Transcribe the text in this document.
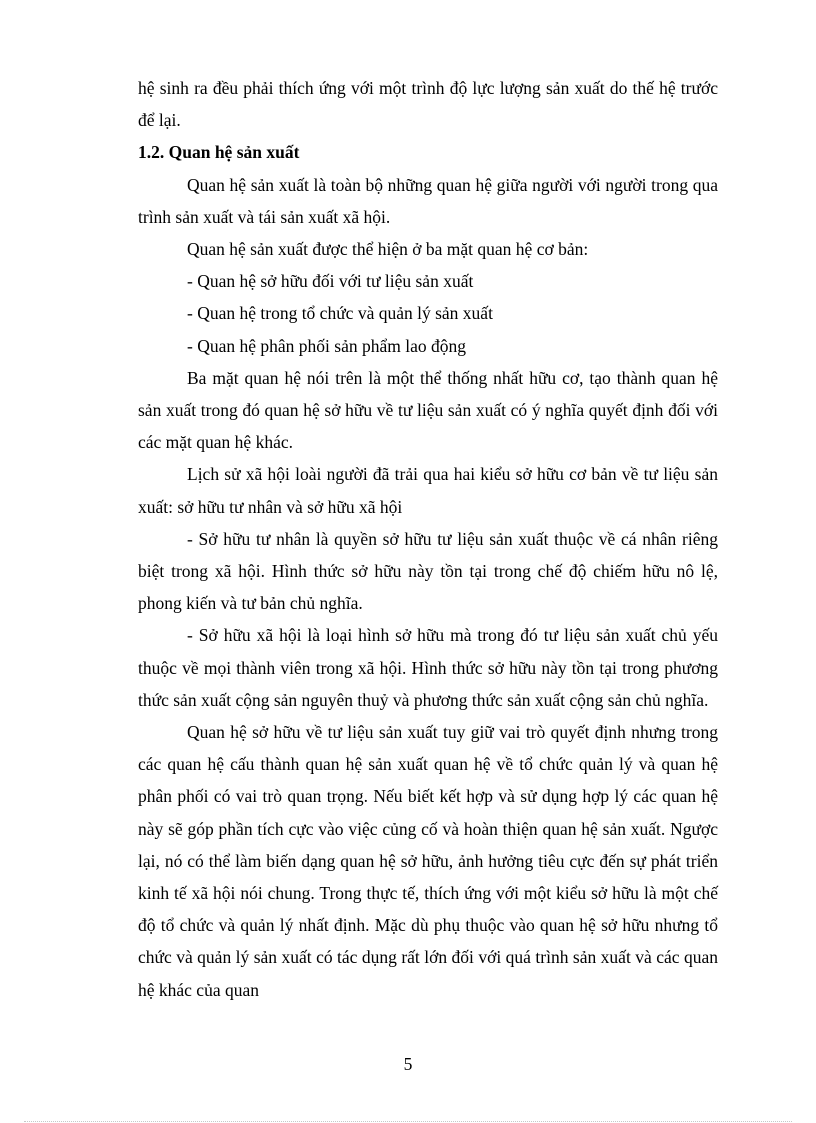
hệ sinh ra đều phải thích ứng với một trình độ lực lượng sản xuất do thế hệ trước để lại.

1.2. Quan hệ sản xuất

Quan hệ sản xuất là toàn bộ những quan hệ giữa người với người trong qua trình sản xuất và tái sản xuất xã hội.

Quan hệ sản xuất được thể hiện ở ba mặt quan hệ cơ bản:

- Quan hệ sở hữu đối với tư liệu sản xuất

- Quan hệ trong tổ chức và quản lý sản xuất

- Quan hệ phân phối sản phẩm lao động

Ba mặt quan hệ nói trên là một thể thống nhất hữu cơ, tạo thành quan hệ sản xuất trong đó quan hệ sở hữu về tư liệu sản xuất có ý nghĩa quyết định đối với các mặt quan hệ khác.

Lịch sử xã hội loài người đã trải qua hai kiểu sở hữu cơ bản về tư liệu sản xuất: sở hữu tư nhân và sở hữu xã hội

- Sở hữu tư nhân là quyền sở hữu tư liệu sản xuất thuộc về cá nhân riêng biệt trong xã hội. Hình thức sở hữu này tồn tại trong chế độ chiếm hữu nô lệ, phong kiến và tư bản chủ nghĩa.

- Sở hữu xã hội là loại hình sở hữu mà trong đó tư liệu sản xuất chủ yếu thuộc về mọi thành viên trong xã hội. Hình thức sở hữu này tồn tại trong phương thức sản xuất cộng sản nguyên thuỷ và phương thức sản xuất cộng sản chủ nghĩa.

Quan hệ sở hữu về tư liệu sản xuất tuy giữ vai trò quyết định nhưng trong các quan hệ cấu thành quan hệ sản xuất quan hệ về tổ chức quản lý và quan hệ phân phối có vai trò quan trọng. Nếu biết kết hợp và sử dụng hợp lý các quan hệ này sẽ góp phần tích cực vào việc củng cố và hoàn thiện quan hệ sản xuất. Ngược lại, nó có thể làm biến dạng quan hệ sở hữu, ảnh hưởng tiêu cực đến sự phát triển kinh tế xã hội nói chung. Trong thực tế, thích ứng với một kiểu sở hữu là một chế độ tổ chức và quản lý nhất định. Mặc dù phụ thuộc vào quan hệ sở hữu nhưng tổ chức và quản lý sản xuất có tác dụng rất lớn đối với quá trình sản xuất và các quan hệ khác của quan

5
